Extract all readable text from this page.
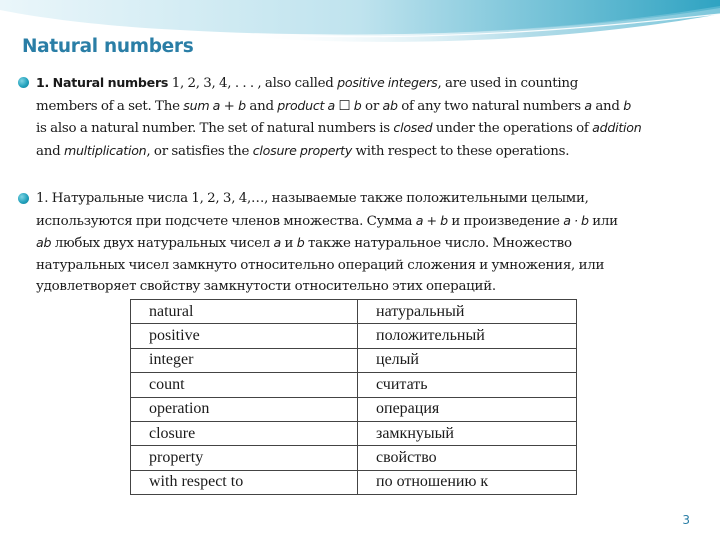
Natural numbers
1. Natural numbers 1, 2, 3, 4, . . . , also called positive integers, are used in counting
members of a set. The sum a + b and product a ☐ b or ab of any two natural numbers a and b
is also a natural number. The set of natural numbers is closed under the operations of addition
and multiplication, or satisfies the closure property with respect to these operations.
1. Натуральные числа 1, 2, 3, 4,…, называемые также положительными целыми,
используются при подсчете членов множества. Сумма a + b и произведение a · b или
ab любых двух натуральных чисел a и b также натуральное число. Множество
натуральных чисел замкнуто относительно операций сложения и умножения, или
удовлетворяет свойству замкнутости относительно этих операций.
natural	натуральный
positive	положительный
integer	целый
count	считать
operation	операция
closure	замкнуыый
property	свойство
with respect to	по отношению к
3
